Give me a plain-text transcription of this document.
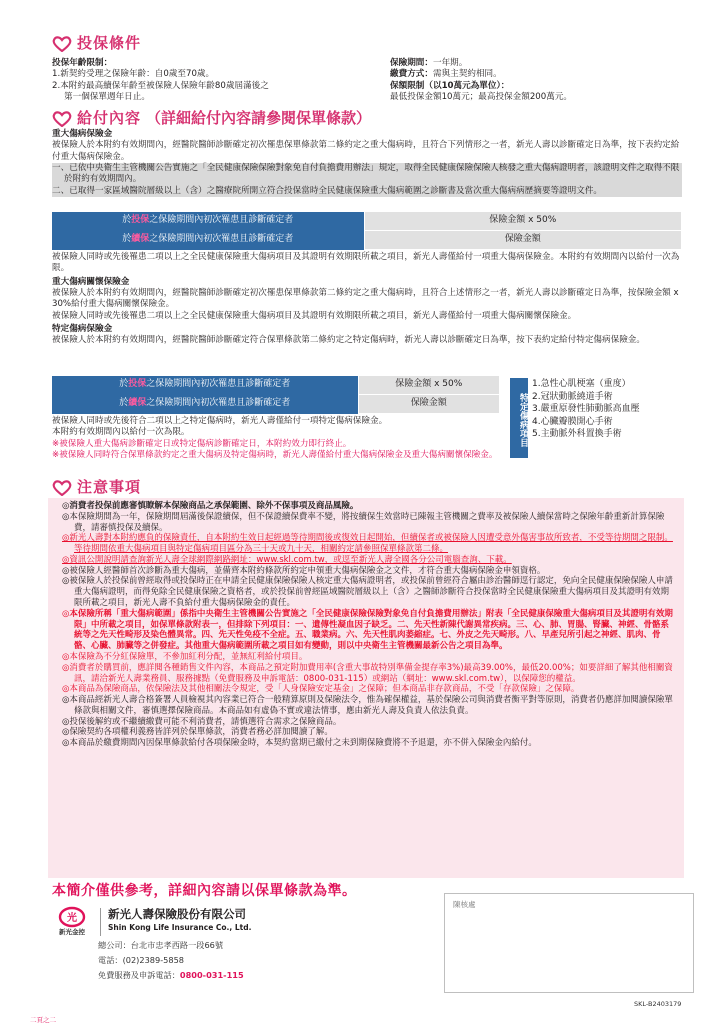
投保條件
投保年齡限制：
1.新契約受理之保險年齡：自0歲至70歲。
2.本附約最高續保年齡至被保險人保險年齡80歲屆滿後之
第一個保單週年日止。
保險期間：一年期。
繳費方式：需與主契約相同。
保額限制（以10萬元為單位）：
最低投保金額10萬元；最高投保金額200萬元。
給付內容 （詳細給付內容請參閱保單條款）
重大傷病保險金
被保險人於本附約有效期間內，經醫院醫師診斷確定初次罹患保單條款第二條約定之重大傷病時，且符合下列情形之一者，新光人壽以診斷確定日為準，按下表約定給付重大傷病保險金。
一、已依中央衛生主管機關公告實施之「全民健康保險保險對象免自付負擔費用辦法」規定，取得全民健康保險保險人核發之重大傷病證明者，該證明文件之取得不限於附約有效期間內。
二、已取得一家區域醫院層級以上（含）之醫療院所開立符合投保當時全民健康保險重大傷病範圍之診斷書及當次重大傷病病歷摘要等證明文件。
於投保之保險期間內初次罹患且診斷確定者	保險金額 x 50%
於續保之保險期間內初次罹患且診斷確定者	保險金額
被保險人同時或先後罹患二項以上之全民健康保險重大傷病項目及其證明有效期限所載之項目，新光人壽僅給付一項重大傷病保險金。本附約有效期間內以給付一次為限。
重大傷病關懷保險金
被保險人於本附約有效期間內，經醫院醫師診斷確定初次罹患保單條款第二條約定之重大傷病時，且符合上述情形之一者，新光人壽以診斷確定日為準，按保險金額 x 30%給付重大傷病關懷保險金。
被保險人同時或先後罹患二項以上之全民健康保險重大傷病項目及其證明有效期限所載之項目，新光人壽僅給付一項重大傷病關懷保險金。
特定傷病保險金
被保險人於本附約有效期間內，經醫院醫師診斷確定符合保單條款第二條約定之特定傷病時，新光人壽以診斷確定日為準，按下表約定給付特定傷病保險金。
於投保之保險期間內初次罹患且診斷確定者	保險金額 x 50%
於續保之保險期間內初次罹患且診斷確定者	保險金額	特定傷病項目
1.急性心肌梗塞（重度）
2.冠狀動脈繞道手術
3.嚴重原發性肺動脈高血壓
4.心臟瓣膜開心手術
5.主動脈外科置換手術
被保險人同時或先後符合二項以上之特定傷病時，新光人壽僅給付一項特定傷病保險金。
本附約有效期間內以給付一次為限。
※被保險人重大傷病診斷確定日或特定傷病診斷確定日，本附約效力即行終止。
※被保險人同時符合保單條款約定之重大傷病及特定傷病時，新光人壽僅給付重大傷病保險金及重大傷病關懷保險金。
注意事項

◎消費者投保前應審慎瞭解本保險商品之承保範圍、除外不保事項及商品風險。

◎本保險期間為一年，保險期間屆滿後保證續保，但不保證續保費率不變，將按續保生效當時已陳報主管機關之費率及被保險人續保當時之保險年齡重新計算保險費，請審慎投保及續保。

◎新光人壽對本附約應負的保險責任，自本附約生效日起經過等待期間後或復效日起開始，但續保者或被保險人因遭受意外傷害事故所致者，不受等待期間之限制。等待期間依重大傷病項目與特定傷病項目區分為三十天或九十天，相關約定請參照保單條款第二條。

◎資訊公開說明請查詢新光人壽全球網際網路網址：www.skl.com.tw，或逕至新光人壽全國各分公司電腦查詢、下載。

◎被保險人經醫師首次診斷為重大傷病，並備齊本附約條款所約定申領重大傷病保險金之文件，才符合重大傷病保險金申領資格。

◎被保險人於投保前曾經取得或投保時正在申請全民健康保險保險人核定重大傷病證明者，或投保前曾經符合屬由診治醫師逕行認定，免向全民健康保險保險人申請重大傷病證明，而得免除全民健康保險之資格者，或於投保前曾經區域醫院層級以上（含）之醫師診斷符合投保當時全民健康保險重大傷病項目及其證明有效期限所載之項目，新光人壽不負給付重大傷病保險金的責任。

◎本保險所稱「重大傷病範圍」係指中央衛生主管機關公告實施之「全民健康保險保險對象免自付負擔費用辦法」附表「全民健康保險重大傷病項目及其證明有效期限」中所載之項目，如保單條款附表一，但排除下列項目：一、遺傳性凝血因子缺乏。二、先天性新陳代謝異常疾病。三、心、肺、胃腸、腎臟、神經、骨骼系統等之先天性畸形及染色體異常。四、先天性免疫不全症。五、職業病。六、先天性肌肉萎縮症。七、外皮之先天畸形。八、早產兒所引起之神經、肌肉、骨骼、心臟、肺臟等之併發症。其他重大傷病範圍所載之項目如有變動，則以中央衛生主管機關最新公告之項目為準。

◎本保險為不分紅保險單，不參加紅利分配，並無紅利給付項目。

◎消費者於購買前，應詳閱各種銷售文件內容，本商品之預定附加費用率(含重大事故特別準備金提存率3%)最高39.00%，最低20.00%；如要詳細了解其他相關資訊，請洽新光人壽業務員、服務據點（免費服務及申訴電話：0800-031-115）或網站（網址：www.skl.com.tw），以保障您的權益。

◎本商品為保險商品，依保險法及其他相關法令規定，受「人身保險安定基金」之保障；但本商品非存款商品，不受「存款保險」之保障。

◎本商品經新光人壽合格簽署人員檢視其內容業已符合一般精算原則及保險法令，惟為確保權益，基於保險公司與消費者衡平對等原則，消費者仍應詳加閱讀保險單條款與相關文件，審慎選擇保險商品。本商品如有虛偽不實或違法情事，應由新光人壽及負責人依法負責。

◎投保後解約或不繼續繳費可能不利消費者，請慎選符合需求之保險商品。

◎保險契約各項權利義務皆詳列於保單條款，消費者務必詳加閱讀了解。

◎本商品於繳費期間內因保單條款給付各項保險金時，本契約當期已繳付之未到期保險費將不予退還，亦不併入保險金內給付。

本簡介僅供參考，詳細內容請以保單條款為準。
陳核處
光
新光金控
新光人壽保險股份有限公司
Shin Kong Life Insurance Co., Ltd.
總公司：台北市忠孝西路一段66號
電話：(02)2389-5858
免費服務及申訴電話：0800-031-115
SKL-B2403179
二頁之二
